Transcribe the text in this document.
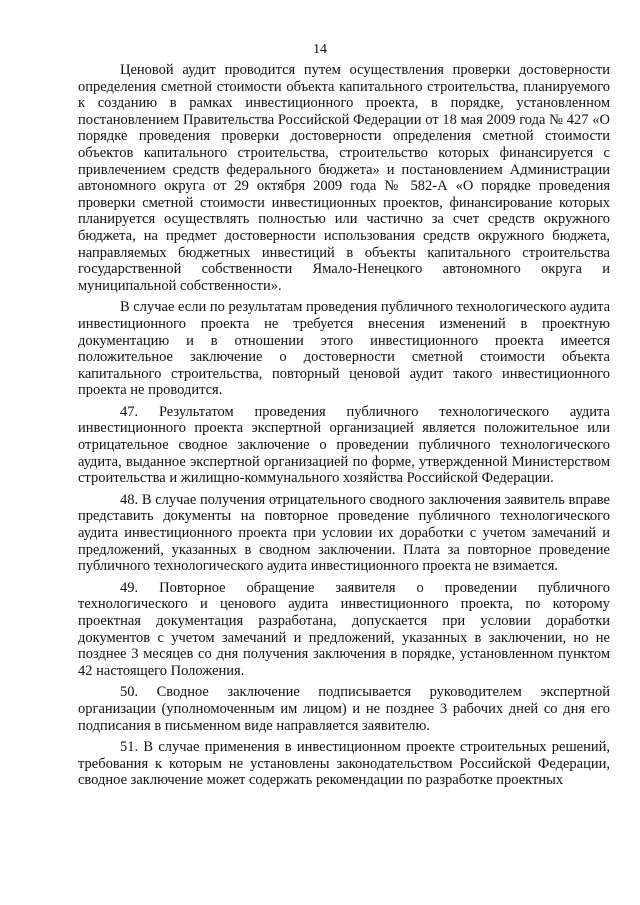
14

Ценовой аудит проводится путем осуществления проверки достоверности определения сметной стоимости объекта капитального строительства, планируемого к созданию в рамках инвестиционного проекта, в порядке, установленном постановлением Правительства Российской Федерации от 18 мая 2009 года № 427 «О порядке проведения проверки достоверности определения сметной стоимости объектов капитального строительства, строительство которых финансируется с привлечением средств федерального бюджета» и постановлением Администрации автономного округа от 29 октября 2009 года № 582-А «О порядке проведения проверки сметной стоимости инвестиционных проектов, финансирование которых планируется осуществлять полностью или частично за счет средств окружного бюджета, на предмет достоверности использования средств окружного бюджета, направляемых бюджетных инвестиций в объекты капитального строительства государственной собственности Ямало-Ненецкого автономного округа и муниципальной собственности».

В случае если по результатам проведения публичного технологического аудита инвестиционного проекта не требуется внесения изменений в проектную документацию и в отношении этого инвестиционного проекта имеется положительное заключение о достоверности сметной стоимости объекта капитального строительства, повторный ценовой аудит такого инвестиционного проекта не проводится.

47. Результатом проведения публичного технологического аудита инвестиционного проекта экспертной организацией является положительное или отрицательное сводное заключение о проведении публичного технологического аудита, выданное экспертной организацией по форме, утвержденной Министерством строительства и жилищно-коммунального хозяйства Российской Федерации.

48. В случае получения отрицательного сводного заключения заявитель вправе представить документы на повторное проведение публичного технологического аудита инвестиционного проекта при условии их доработки с учетом замечаний и предложений, указанных в сводном заключении. Плата за повторное проведение публичного технологического аудита инвестиционного проекта не взимается.

49. Повторное обращение заявителя о проведении публичного технологического и ценового аудита инвестиционного проекта, по которому проектная документация разработана, допускается при условии доработки документов с учетом замечаний и предложений, указанных в заключении, но не позднее 3 месяцев со дня получения заключения в порядке, установленном пунктом 42 настоящего Положения.

50. Сводное заключение подписывается руководителем экспертной организации (уполномоченным им лицом) и не позднее 3 рабочих дней со дня его подписания в письменном виде направляется заявителю.

51. В случае применения в инвестиционном проекте строительных решений, требования к которым не установлены законодательством Российской Федерации, сводное заключение может содержать рекомендации по разработке проектных
